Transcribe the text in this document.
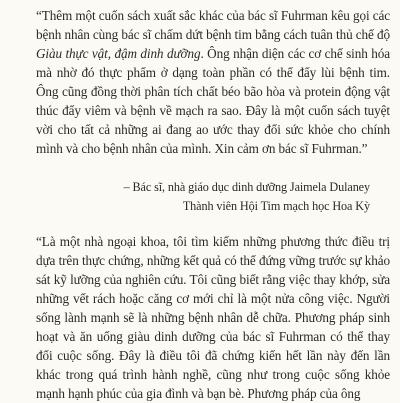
“Thêm một cuốn sách xuất sắc khác của bác sĩ Fuhrman kêu gọi các bệnh nhân cùng bác sĩ chấm dứt bệnh tim bằng cách tuân thủ chế độ Giàu thực vật, đậm dinh dưỡng. Ông nhận diện các cơ chế sinh hóa mà nhờ đó thực phẩm ở dạng toàn phần có thể đẩy lùi bệnh tim. Ông cũng đồng thời phân tích chất béo bão hòa và protein động vật thúc đẩy viêm và bệnh về mạch ra sao. Đây là một cuốn sách tuyệt vời cho tất cả những ai đang ao ước thay đổi sức khỏe cho chính mình và cho bệnh nhân của mình. Xin cảm ơn bác sĩ Fuhrman.”

– Bác sĩ, nhà giáo dục dinh dưỡng Jaimela Dulaney
Thành viên Hội Tim mạch học Hoa Kỳ

“Là một nhà ngoại khoa, tôi tìm kiếm những phương thức điều trị dựa trên thực chứng, những kết quả có thể đứng vững trước sự khảo sát kỹ lưỡng của nghiên cứu. Tôi cũng biết rằng việc thay khớp, sửa những vết rách hoặc căng cơ mới chỉ là một nửa công việc. Người sống lành mạnh sẽ là những bệnh nhân dễ chữa. Phương pháp sinh hoạt và ăn uống giàu dinh dưỡng của bác sĩ Fuhrman có thể thay đổi cuộc sống. Đây là điều tôi đã chứng kiến hết lần này đến lần khác trong quá trình hành nghề, cũng như trong cuộc sống khỏe mạnh hạnh phúc của gia đình và bạn bè. Phương pháp của ông
